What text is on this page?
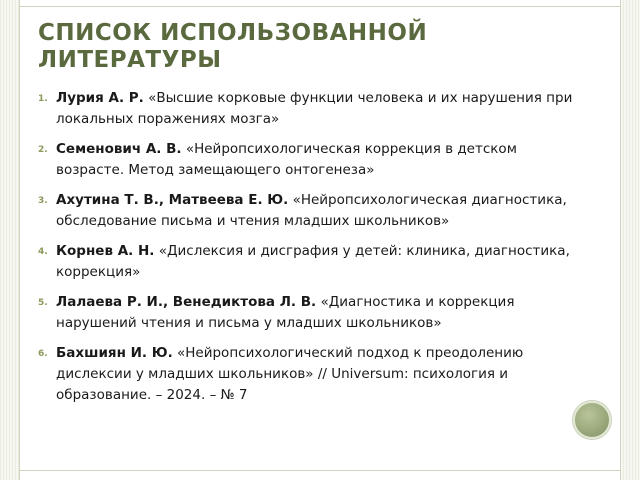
СПИСОК ИСПОЛЬЗОВАННОЙ ЛИТЕРАТУРЫ
1. Лурия А. Р. «Высшие корковые функции человека и их нарушения при локальных поражениях мозга»
2. Семенович А. В. «Нейропсихологическая коррекция в детском возрасте. Метод замещающего онтогенеза»
3. Ахутина Т. В., Матвеева Е. Ю. «Нейропсихологическая диагностика, обследование письма и чтения младших школьников»
4. Корнев А. Н. «Дислексия и дисграфия у детей: клиника, диагностика, коррекция»
5. Лалаева Р. И., Венедиктова Л. В. «Диагностика и коррекция нарушений чтения и письма у младших школьников»
6. Бахшиян И. Ю. «Нейропсихологический подход к преодолению дислексии у младших школьников» // Universum: психология и образование. – 2024. – № 7
